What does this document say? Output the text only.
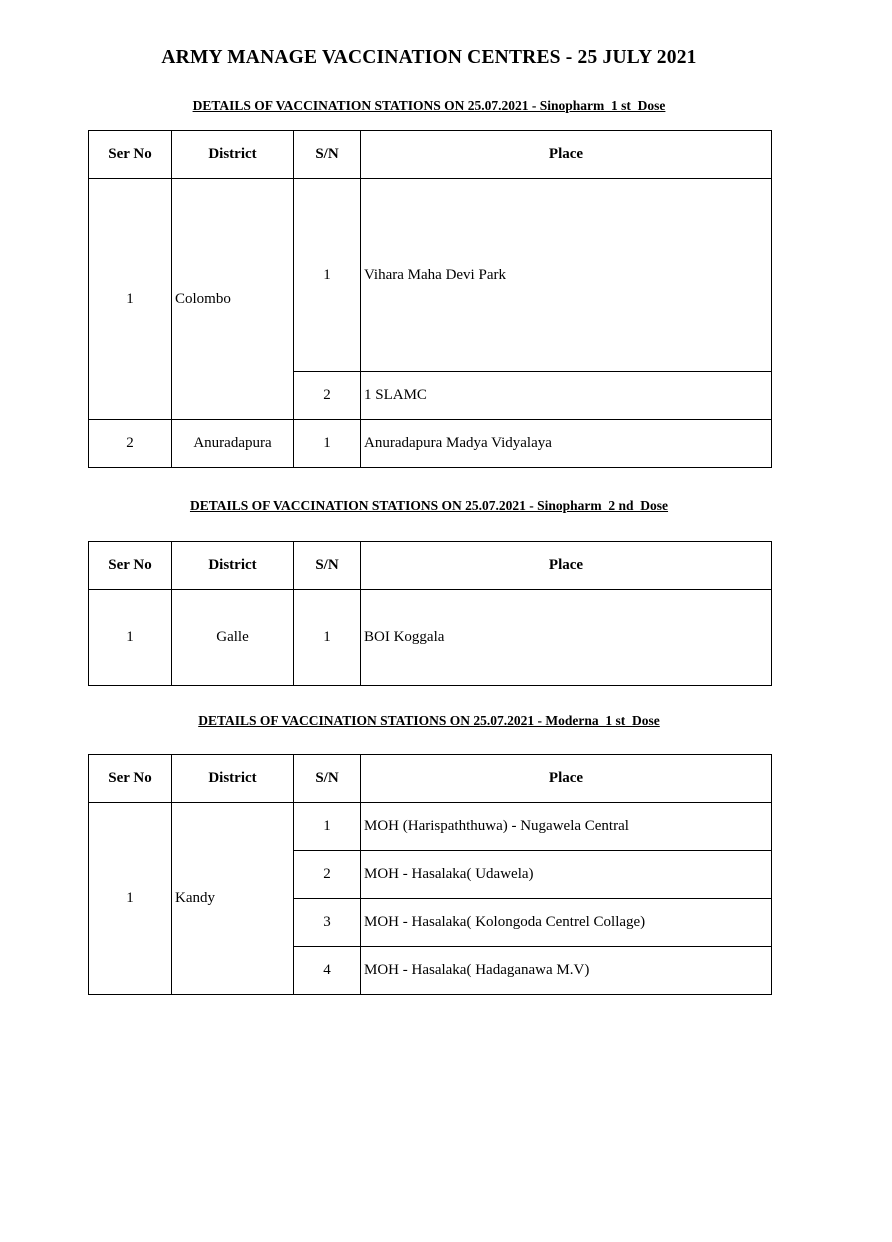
ARMY MANAGE VACCINATION CENTRES - 25 JULY 2021
DETAILS OF VACCINATION STATIONS ON 25.07.2021 - Sinopharm  1 st  Dose
Ser No	District	S/N	Place
1	Colombo	1	Vihara Maha Devi Park
		2	1 SLAMC
2	Anuradapura	1	Anuradapura Madya Vidyalaya
DETAILS OF VACCINATION STATIONS ON 25.07.2021 - Sinopharm  2 nd  Dose
Ser No	District	S/N	Place
1	Galle	1	BOI Koggala
DETAILS OF VACCINATION STATIONS ON 25.07.2021 - Moderna  1 st  Dose
Ser No	District	S/N	Place
1	Kandy	1	MOH (Harispaththuwa) - Nugawela Central
		2	MOH - Hasalaka( Udawela)
		3	MOH - Hasalaka( Kolongoda Centrel Collage)
		4	MOH - Hasalaka( Hadaganawa M.V)
